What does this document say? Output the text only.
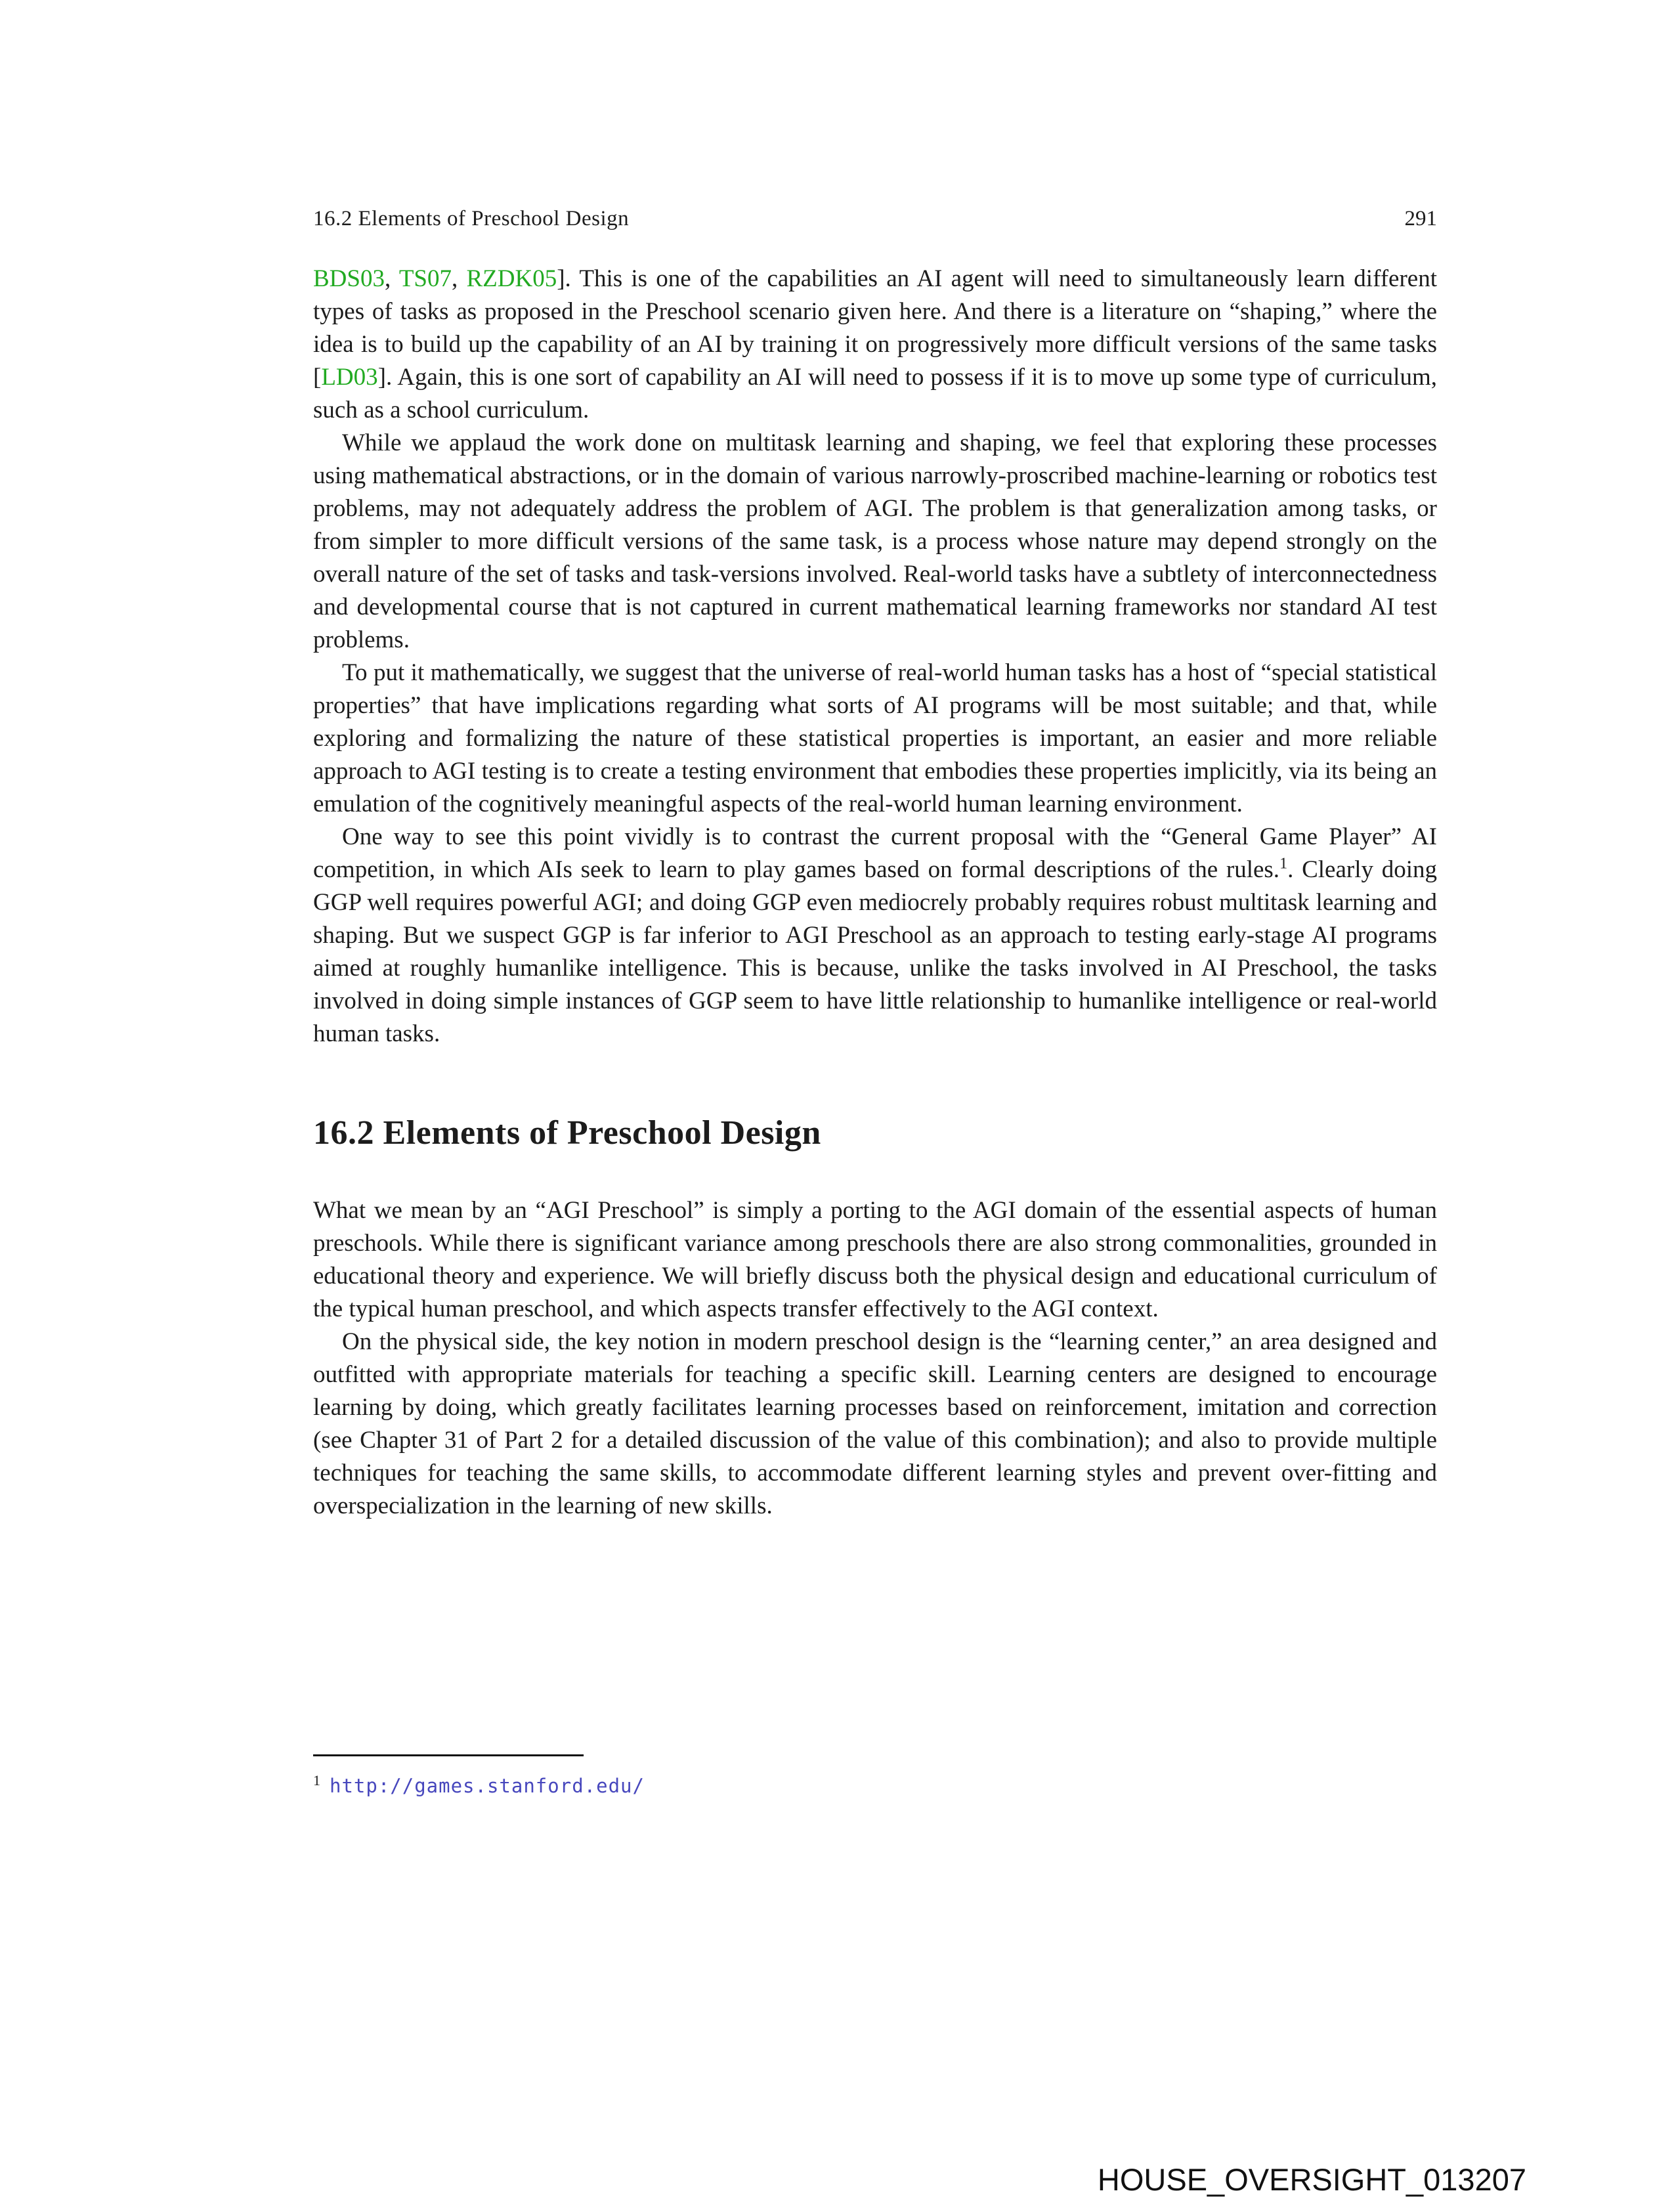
16.2 Elements of Preschool Design	291

BDS03, TS07, RZDK05]. This is one of the capabilities an AI agent will need to simultaneously learn different types of tasks as proposed in the Preschool scenario given here. And there is a literature on “shaping,” where the idea is to build up the capability of an AI by training it on progressively more difficult versions of the same tasks [LD03]. Again, this is one sort of capability an AI will need to possess if it is to move up some type of curriculum, such as a school curriculum.

While we applaud the work done on multitask learning and shaping, we feel that exploring these processes using mathematical abstractions, or in the domain of various narrowly-proscribed machine-learning or robotics test problems, may not adequately address the problem of AGI. The problem is that generalization among tasks, or from simpler to more difficult versions of the same task, is a process whose nature may depend strongly on the overall nature of the set of tasks and task-versions involved. Real-world tasks have a subtlety of interconnectedness and developmental course that is not captured in current mathematical learning frameworks nor standard AI test problems.

To put it mathematically, we suggest that the universe of real-world human tasks has a host of “special statistical properties” that have implications regarding what sorts of AI programs will be most suitable; and that, while exploring and formalizing the nature of these statistical properties is important, an easier and more reliable approach to AGI testing is to create a testing environment that embodies these properties implicitly, via its being an emulation of the cognitively meaningful aspects of the real-world human learning environment.

One way to see this point vividly is to contrast the current proposal with the “General Game Player” AI competition, in which AIs seek to learn to play games based on formal descriptions of the rules.$^1$. Clearly doing GGP well requires powerful AGI; and doing GGP even mediocrely probably requires robust multitask learning and shaping. But we suspect GGP is far inferior to AGI Preschool as an approach to testing early-stage AI programs aimed at roughly humanlike intelligence. This is because, unlike the tasks involved in AI Preschool, the tasks involved in doing simple instances of GGP seem to have little relationship to humanlike intelligence or real-world human tasks.

16.2 Elements of Preschool Design

What we mean by an “AGI Preschool” is simply a porting to the AGI domain of the essential aspects of human preschools. While there is significant variance among preschools there are also strong commonalities, grounded in educational theory and experience. We will briefly discuss both the physical design and educational curriculum of the typical human preschool, and which aspects transfer effectively to the AGI context.

On the physical side, the key notion in modern preschool design is the “learning center,” an area designed and outfitted with appropriate materials for teaching a specific skill. Learning centers are designed to encourage learning by doing, which greatly facilitates learning processes based on reinforcement, imitation and correction (see Chapter 31 of Part 2 for a detailed discussion of the value of this combination); and also to provide multiple techniques for teaching the same skills, to accommodate different learning styles and prevent over-fitting and overspecialization in the learning of new skills.

$^1$ http://games.stanford.edu/
HOUSE_OVERSIGHT_013207
